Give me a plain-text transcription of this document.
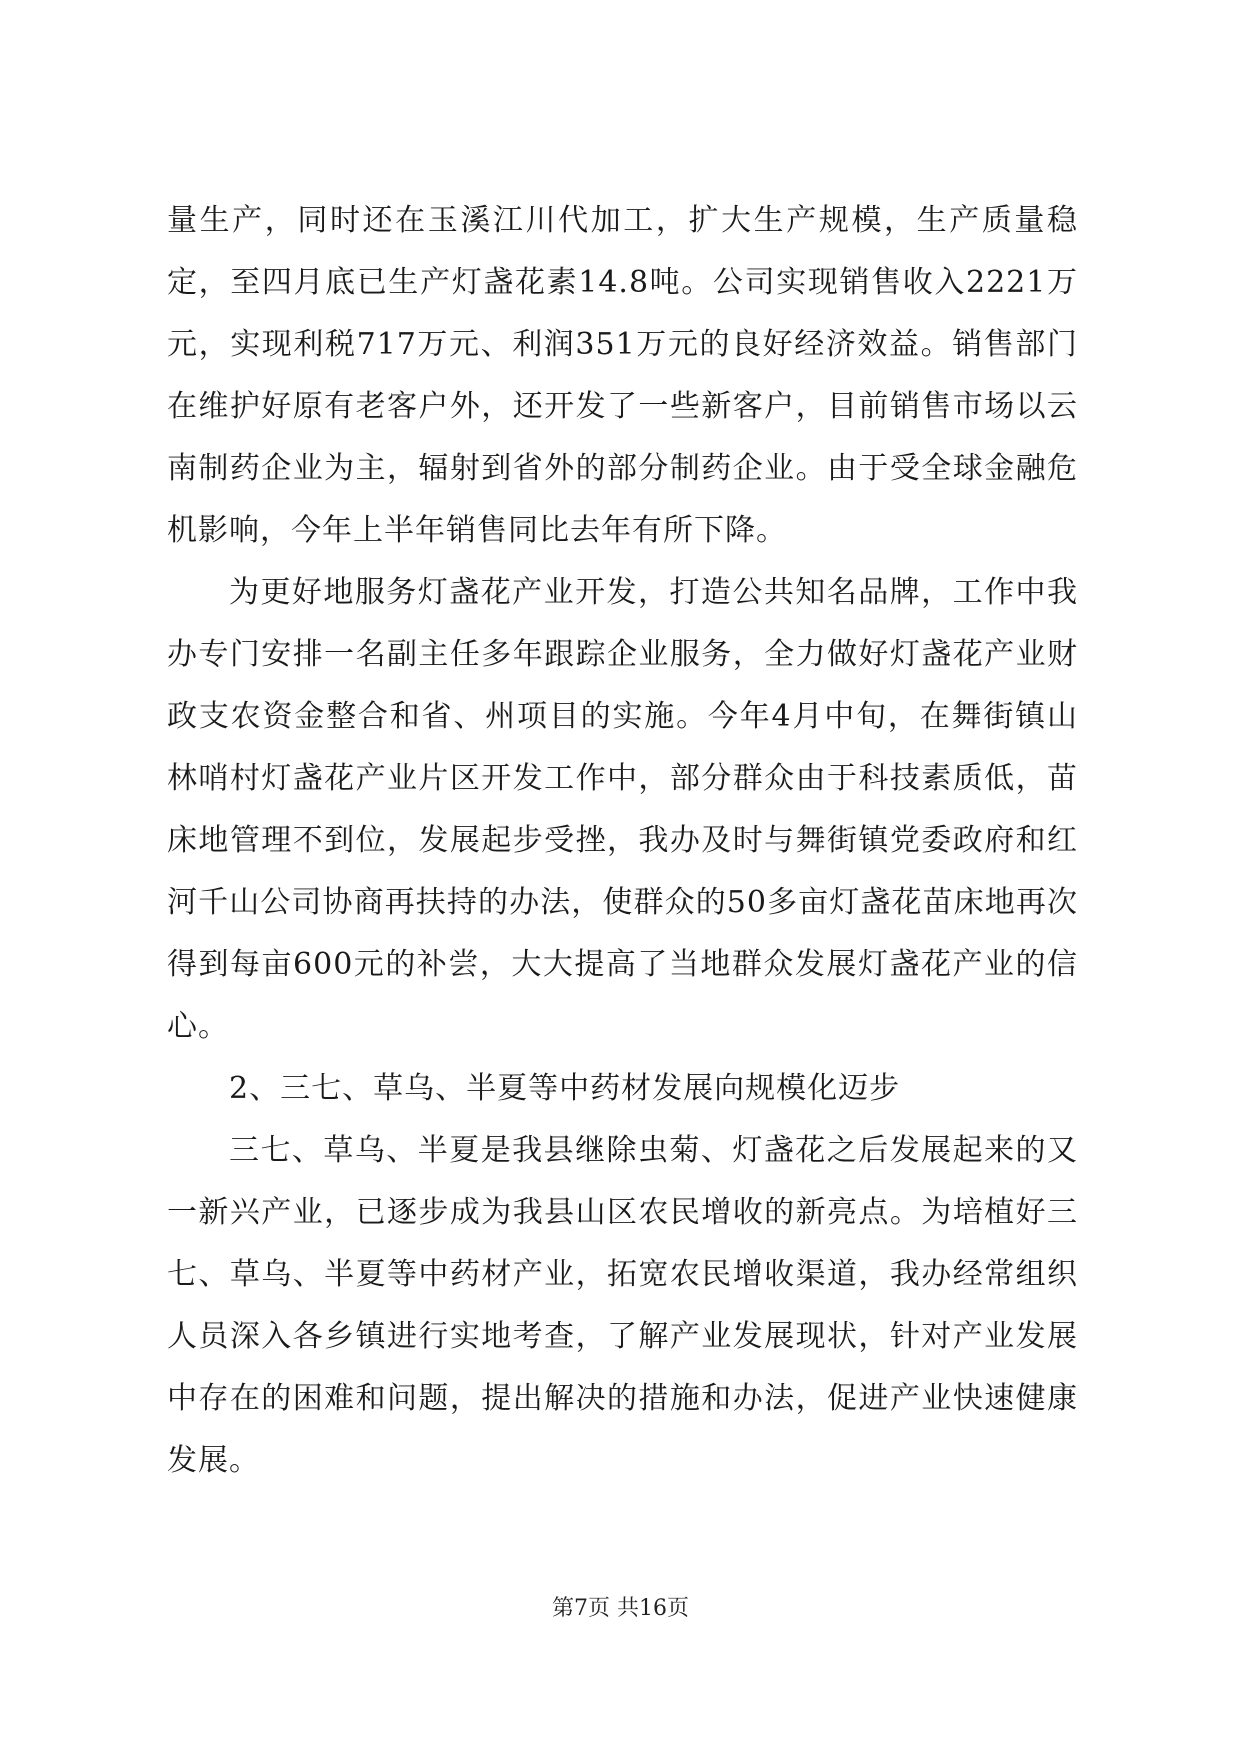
量生产，同时还在玉溪江川代加工，扩大生产规模，生产质量稳定，至四月底已生产灯盏花素14.8吨。公司实现销售收入2221万元，实现利税717万元、利润351万元的良好经济效益。销售部门在维护好原有老客户外，还开发了一些新客户，目前销售市场以云南制药企业为主，辐射到省外的部分制药企业。由于受全球金融危机影响，今年上半年销售同比去年有所下降。

为更好地服务灯盏花产业开发，打造公共知名品牌，工作中我办专门安排一名副主任多年跟踪企业服务，全力做好灯盏花产业财政支农资金整合和省、州项目的实施。今年4月中旬，在舞街镇山林哨村灯盏花产业片区开发工作中，部分群众由于科技素质低，苗床地管理不到位，发展起步受挫，我办及时与舞街镇党委政府和红河千山公司协商再扶持的办法，使群众的50多亩灯盏花苗床地再次得到每亩600元的补尝，大大提高了当地群众发展灯盏花产业的信心。

2、三七、草乌、半夏等中药材发展向规模化迈步

三七、草乌、半夏是我县继除虫菊、灯盏花之后发展起来的又一新兴产业，已逐步成为我县山区农民增收的新亮点。为培植好三七、草乌、半夏等中药材产业，拓宽农民增收渠道，我办经常组织人员深入各乡镇进行实地考查，了解产业发展现状，针对产业发展中存在的困难和问题，提出解决的措施和办法，促进产业快速健康发展。

第7页 共16页
